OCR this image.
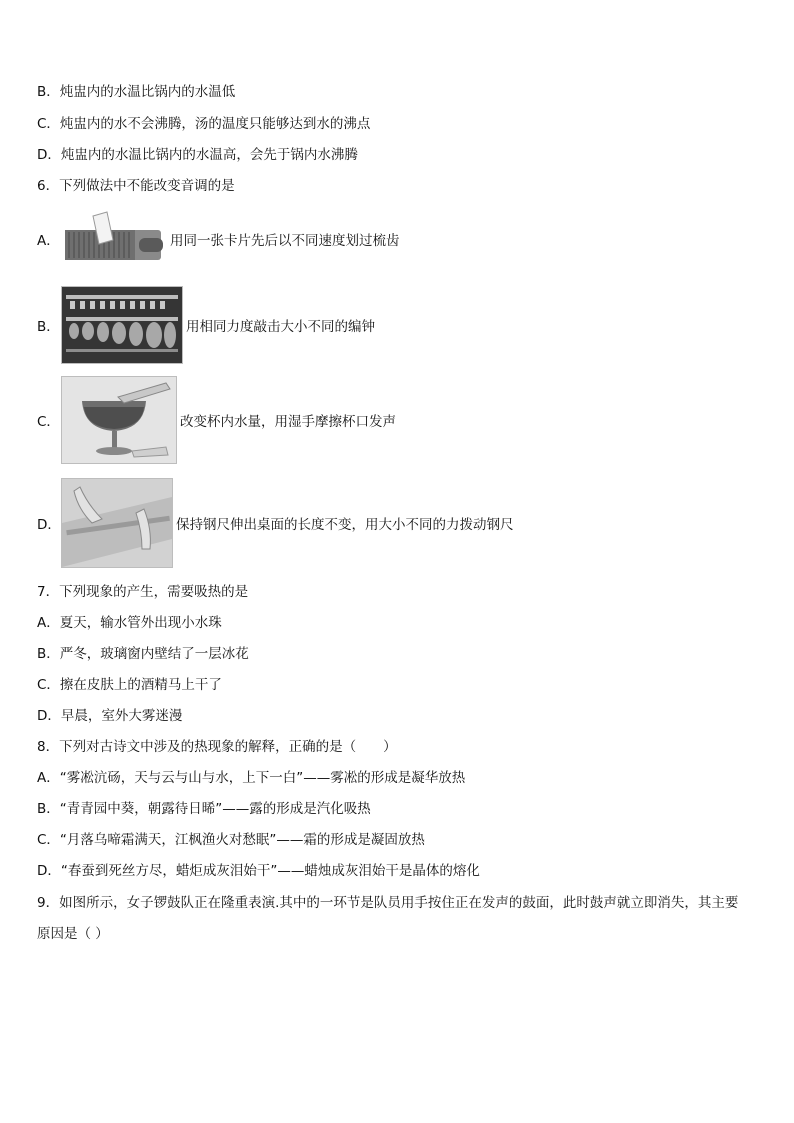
B．炖盅内的水温比锅内的水温低
C．炖盅内的水不会沸腾，汤的温度只能够达到水的沸点
D．炖盅内的水温比锅内的水温高，会先于锅内水沸腾
6．下列做法中不能改变音调的是
A．	用同一张卡片先后以不同速度划过梳齿
B．	用相同力度敲击大小不同的编钟
C．	改变杯内水量，用湿手摩擦杯口发声
D．	保持钢尺伸出桌面的长度不变，用大小不同的力拨动钢尺
7．下列现象的产生，需要吸热的是
A．夏天，输水管外出现小水珠
B．严冬，玻璃窗内壁结了一层冰花
C．擦在皮肤上的酒精马上干了
D．早晨，室外大雾迷漫
8．下列对古诗文中涉及的热现象的解释，正确的是（　　）
A．“雾凇沆砀，天与云与山与水，上下一白”——雾凇的形成是凝华放热
B．“青青园中葵，朝露待日晞”——露的形成是汽化吸热
C．“月落乌啼霜满天，江枫渔火对愁眠”——霜的形成是凝固放热
D．“春蚕到死丝方尽，蜡炬成灰泪始干”——蜡烛成灰泪始干是晶体的熔化
9．如图所示，女子锣鼓队正在隆重表演.其中的一环节是队员用手按住正在发声的鼓面，此时鼓声就立即消失，其主要
原因是（ ）
